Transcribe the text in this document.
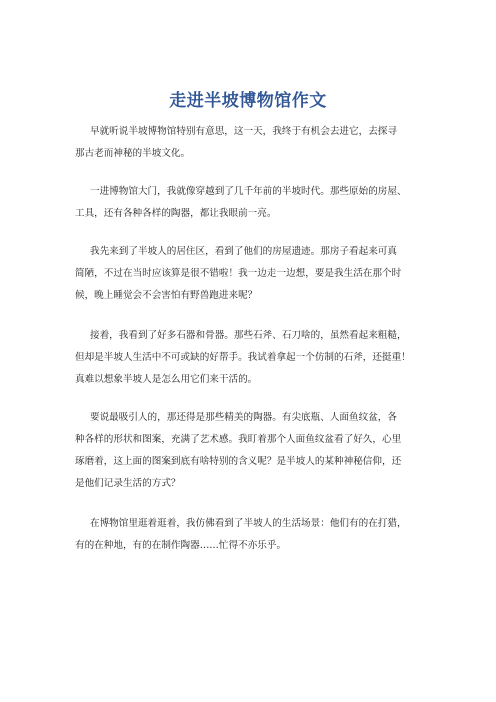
走进半坡博物馆作文
早就听说半坡博物馆特别有意思，这一天，我终于有机会去进它，去探寻
那古老而神秘的半坡文化。
一进博物馆大门，我就像穿越到了几千年前的半坡时代。那些原始的房屋、
工具，还有各种各样的陶器，都让我眼前一亮。
我先来到了半坡人的居住区，看到了他们的房屋遗迹。那房子看起来可真
简陋，不过在当时应该算是很不错啦！我一边走一边想，要是我生活在那个时
候，晚上睡觉会不会害怕有野兽跑进来呢？
接着，我看到了好多石器和骨器。那些石斧、石刀啥的，虽然看起来粗糙，
但却是半坡人生活中不可或缺的好帮手。我试着拿起一个仿制的石斧，还挺重！
真难以想象半坡人是怎么用它们来干活的。
要说最吸引人的，那还得是那些精美的陶器。有尖底瓶、人面鱼纹盆，各
种各样的形状和图案，充满了艺术感。我盯着那个人面鱼纹盆看了好久，心里
琢磨着，这上面的图案到底有啥特别的含义呢？是半坡人的某种神秘信仰，还
是他们记录生活的方式？
在博物馆里逛着逛着，我仿佛看到了半坡人的生活场景：他们有的在打猎，
有的在种地，有的在制作陶器……忙得不亦乐乎。
